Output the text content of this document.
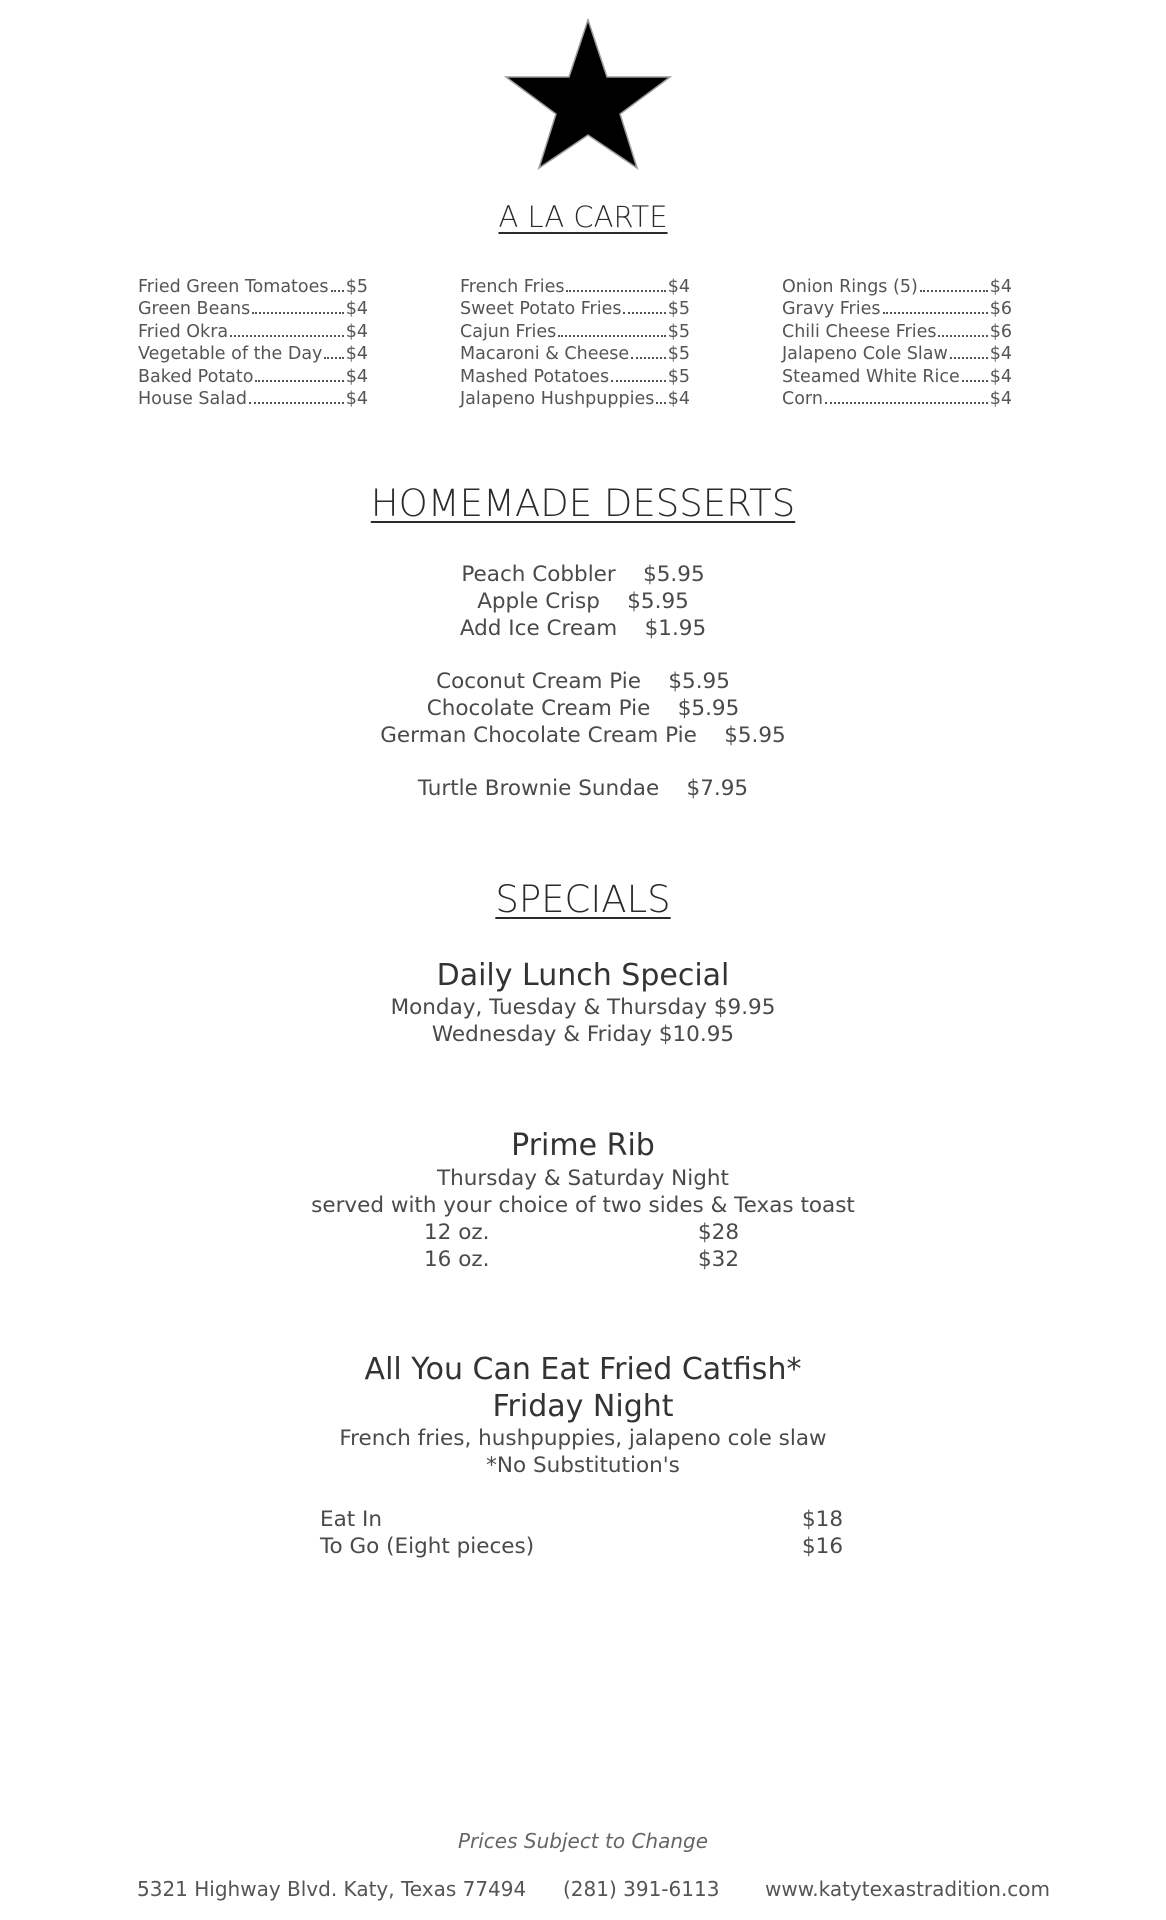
A LA CARTE
Fried Green Tomatoes $5
Green Beans	$4
Fried Okra	$4
Vegetable of the Day $4
Baked Potato	$4
House Salad	$4
French Fries	$4
Sweet Potato Fries	$5
Cajun Fries	$5
Macaroni & Cheese $5
Mashed Potatoes	$5
Jalapeno Hushpuppies $4
Onion Rings (5)	$4
Gravy Fries	$6
Chili Cheese Fries	$6
Jalapeno Cole Slaw $4
Steamed White Rice $4
Corn	$4
HOMEMADE DESSERTS
Peach Cobbler $5.95
Apple Crisp $5.95
Add Ice Cream $1.95
Coconut Cream Pie $5.95
Chocolate Cream Pie $5.95
German Chocolate Cream Pie $5.95
Turtle Brownie Sundae $7.95
SPECIALS
Daily Lunch Special
Monday, Tuesday & Thursday $9.95
Wednesday & Friday $10.95
Prime Rib
Thursday & Saturday Night
served with your choice of two sides & Texas toast
12 oz.	$28
16 oz.	$32
All You Can Eat Fried Catfish*
Friday Night
French fries, hushpuppies, jalapeno cole slaw
*No Substitution's
Eat In	$18
To Go (Eight pieces)	$16
Prices Subject to Change
5321 Highway Blvd. Katy, Texas 77494 (281) 391-6113 www.katytexastradition.com
